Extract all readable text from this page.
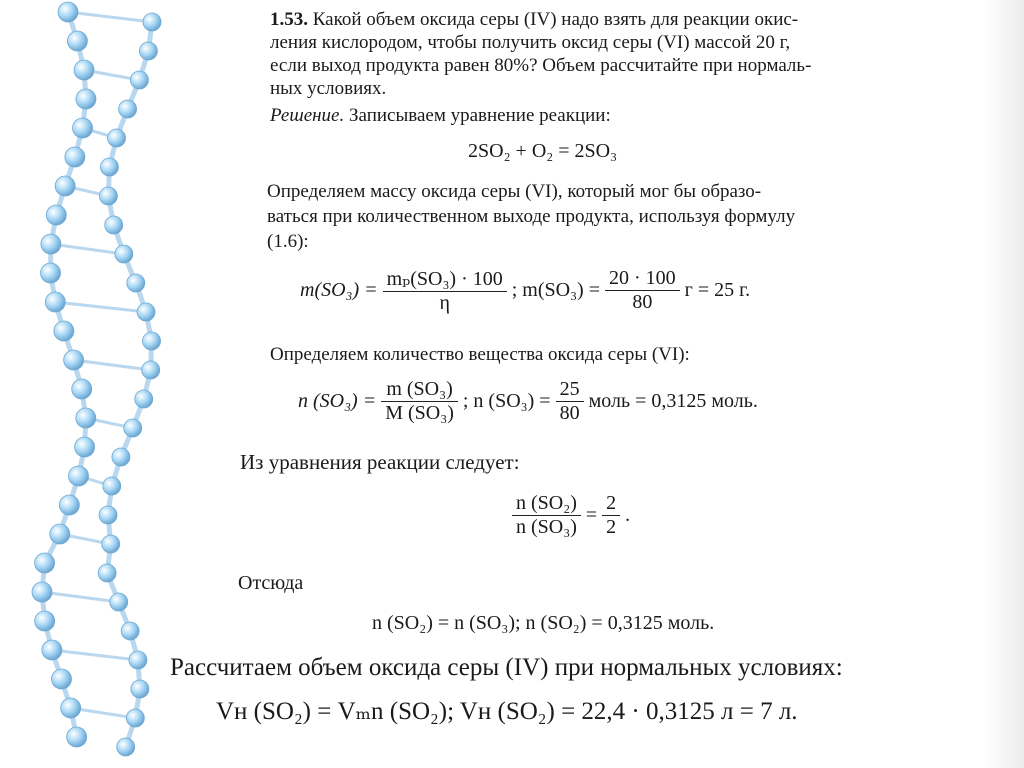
1.53. Какой объем оксида серы (IV) надо взять для реакции окис-
ления кислородом, чтобы получить оксид серы (VI) массой 20 г,
если выход продукта равен 80%? Объем рассчитайте при нормаль-
ных условиях.
Решение. Записываем уравнение реакции:
2SO₂ + O₂ = 2SO₃
Определяем массу оксида серы (VI), который мог бы образо-
ваться при количественном выходе продукта, используя формулу
(1.6):
$m(SO_3) = \frac{\text{mₚ(SO₃) · 100}}{\eta}$ ; $m(SO_3) = \frac{20 \cdot 100}{80}$ г = 25 г.
Определяем количество вещества оксида серы (VI):
n $(SO_3) = \frac{\text{m (SO₃)}}{\text{M (SO₃)}}$ ; n $(SO_3) = \frac{25}{80}$ моль = 0,3125 моль.
Из уравнения реакции следует:
$\frac{\text{n (SO₂)}}{\text{n (SO₃)}} = \frac{2}{2}$ .
Отсюда
n (SO₂) = n (SO₃); n (SO₂) = 0,3125 моль.
Рассчитаем объем оксида серы (IV) при нормальных условиях:
Vн (SO₂) = Vₘn (SO₂); Vн (SO₂) = 22,4 · 0,3125 л = 7 л.
